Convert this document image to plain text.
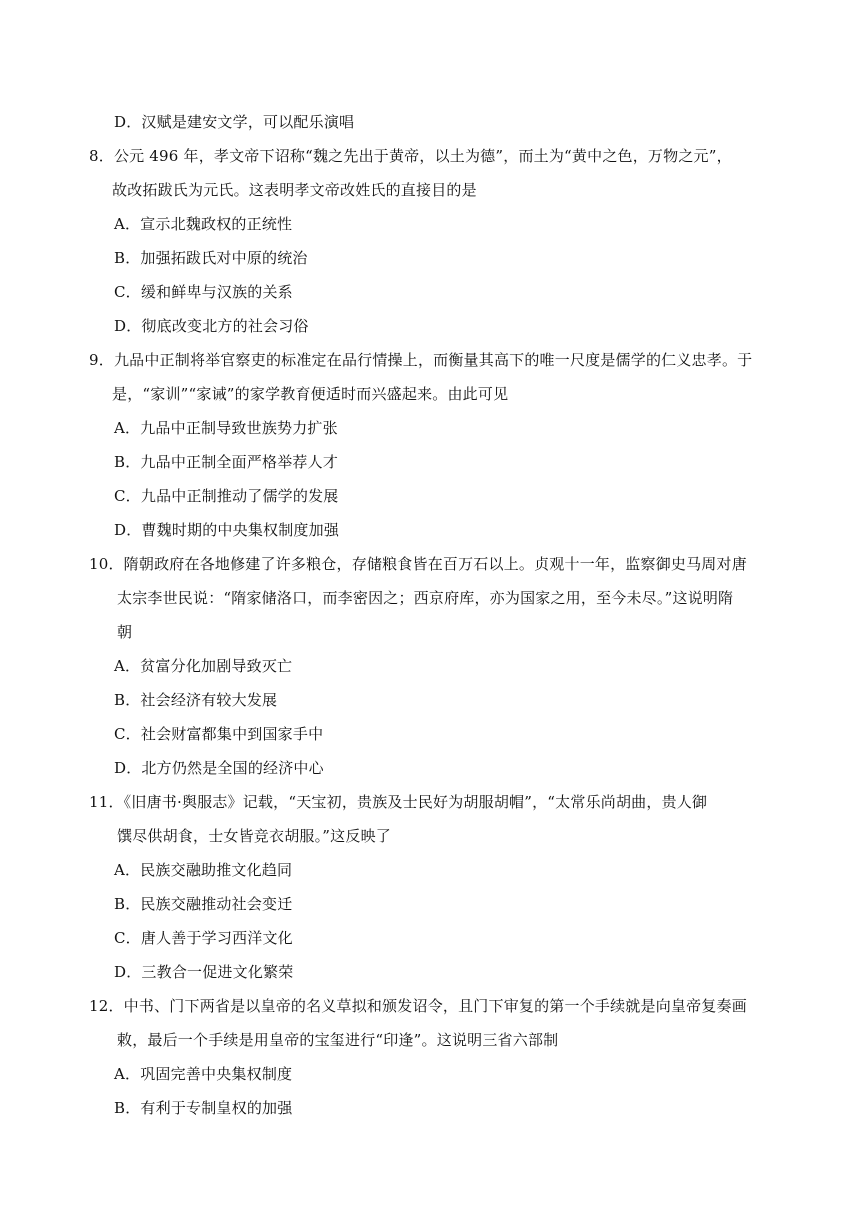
D．汉赋是建安文学，可以配乐演唱
8．公元 496 年，孝文帝下诏称“魏之先出于黄帝，以土为德”，而土为“黄中之色，万物之元”，
故改拓跋氏为元氏。这表明孝文帝改姓氏的直接目的是
A．宣示北魏政权的正统性
B．加强拓跋氏对中原的统治
C．缓和鲜卑与汉族的关系
D．彻底改变北方的社会习俗
9．九品中正制将举官察吏的标准定在品行情操上，而衡量其高下的唯一尺度是儒学的仁义忠孝。于
是，“家训”“家诫”的家学教育便适时而兴盛起来。由此可见
A．九品中正制导致世族势力扩张
B．九品中正制全面严格举荐人才
C．九品中正制推动了儒学的发展
D．曹魏时期的中央集权制度加强
10．隋朝政府在各地修建了许多粮仓，存储粮食皆在百万石以上。贞观十一年，监察御史马周对唐
太宗李世民说：“隋家储洛口，而李密因之；西京府库，亦为国家之用，至今未尽。”这说明隋
朝
A．贫富分化加剧导致灭亡
B．社会经济有较大发展
C．社会财富都集中到国家手中
D．北方仍然是全国的经济中心
11．《旧唐书·舆服志》记载，“天宝初，贵族及士民好为胡服胡帽”，“太常乐尚胡曲，贵人御
馔尽供胡食，士女皆竞衣胡服。”这反映了
A．民族交融助推文化趋同
B．民族交融推动社会变迁
C．唐人善于学习西洋文化
D．三教合一促进文化繁荣
12．中书、门下两省是以皇帝的名义草拟和颁发诏令，且门下审复的第一个手续就是向皇帝复奏画
敕，最后一个手续是用皇帝的宝玺进行“印逢”。这说明三省六部制
A．巩固完善中央集权制度
B．有利于专制皇权的加强
